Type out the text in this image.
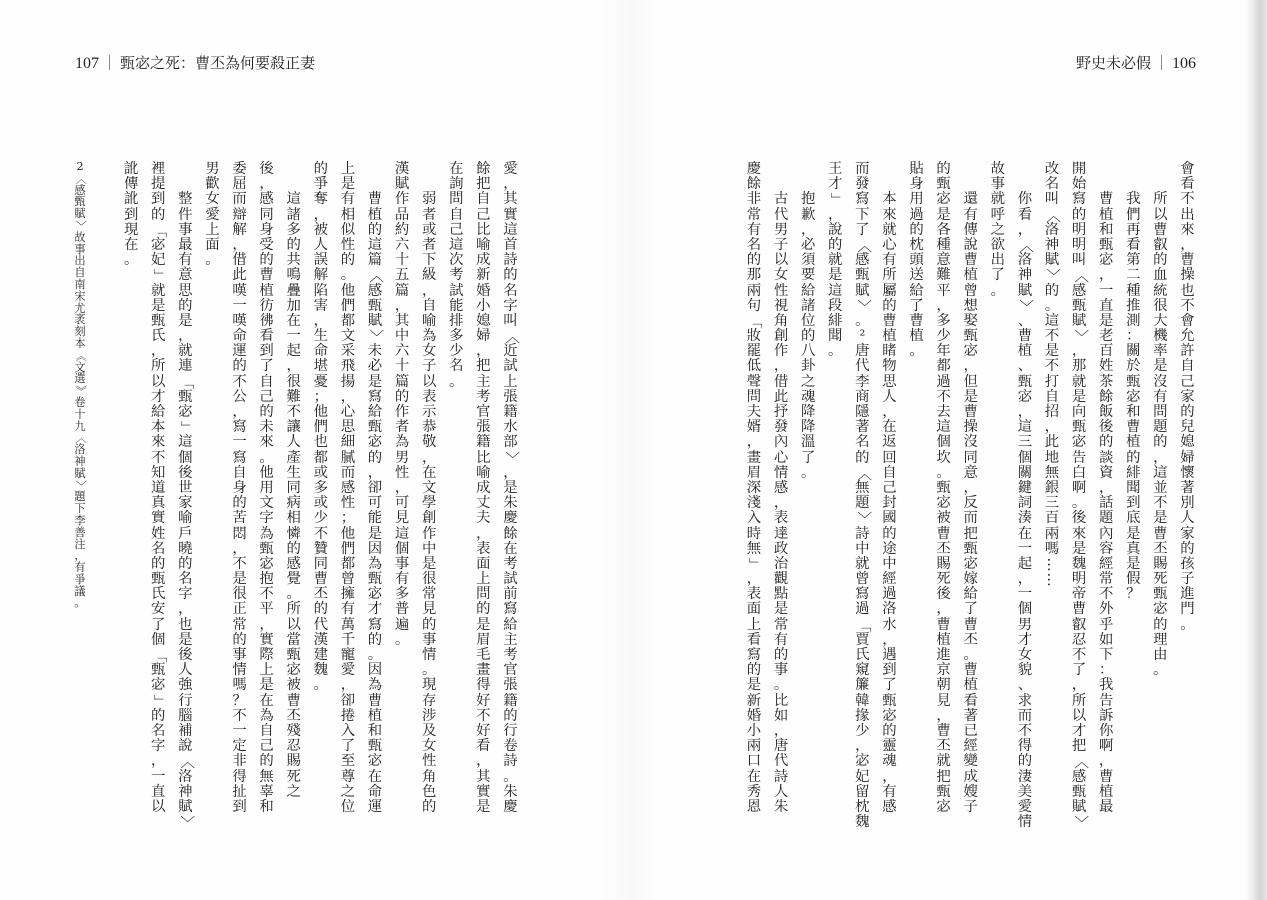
107 ｜ 甄宓之死：曹丕為何要殺正妻
愛
，
其
實
這
首
詩
的
名
字
叫
〈
近
試
上
張
籍
水
部
〉
，
是
朱
慶
餘
在
考
試
前
寫
給
主
考
官
張
籍
的
行
卷
詩
。
朱
慶
餘
把
自
己
比
喻
成
新
婚
小
媳
婦
，
把
主
考
官
張
籍
比
喻
成
丈
夫
，
表
面
上
問
的
是
眉
毛
畫
得
好
不
好
看
，
其
實
是
在
詢
問
自
己
這
次
考
試
能
排
多
少
名
。
弱
者
或
者
下
級
，
自
喻
為
女
子
以
表
示
恭
敬
，
在
文
學
創
作
中
是
很
常
見
的
事
情
。
現
存
涉
及
女
性
角
色
的
漢
賦
作
品
約
六
十
五
篇
，
其
中
六
十
篇
的
作
者
為
男
性
，
可
見
這
個
事
有
多
普
遍
。
曹
植
的
這
篇
〈
感
甄
賦
〉
未
必
是
寫
給
甄
宓
的
，
卻
可
能
是
因
為
甄
宓
才
寫
的
。
因
為
曹
植
和
甄
宓
在
命
運
上
是
有
相
似
性
的
。
他
們
都
文
采
飛
揚
，
心
思
細
膩
而
感
性
；
他
們
都
曾
擁
有
萬
千
寵
愛
，
卻
捲
入
了
至
尊
之
位
的
爭
奪
，
被
人
誤
解
陷
害
，
生
命
堪
憂
；
他
們
也
都
或
多
或
少
不
贊
同
曹
丕
的
代
漢
建
魏
。
這
諸
多
的
共
鳴
疊
加
在
一
起
，
很
難
不
讓
人
產
生
同
病
相
憐
的
感
覺
。
所
以
當
甄
宓
被
曹
丕
殘
忍
賜
死
之
後
，
感
同
身
受
的
曹
植
彷
彿
看
到
了
自
己
的
未
來
。
他
用
文
字
為
甄
宓
抱
不
平
，
實
際
上
是
在
為
自
己
的
無
辜
和
委
屈
而
辯
解
，
借
此
嘆
一
嘆
命
運
的
不
公
，
寫
一
寫
自
身
的
苦
悶
，
不
是
很
正
常
的
事
情
嗎
？
不
一
定
非
得
扯
到
男
歡
女
愛
上
面
。
整
件
事
最
有
意
思
的
是
，
就
連
「
甄
宓
」
這
個
後
世
家
喻
戶
曉
的
名
字
，
也
是
後
人
強
行
腦
補
說
〈
洛
神
賦
〉
裡
提
到
的
「
宓
妃
」
就
是
甄
氏
，
所
以
才
給
本
來
不
知
道
真
實
姓
名
的
甄
氏
安
了
個
「
甄
宓
」
的
名
字
，
一
直
以
訛
傳
訛
到
現
在
。
2
〈
感
甄
賦
〉
故
事
出
自
南
宋
尤
袤
刻
本
《
文
選
》
卷
十
九
〈
洛
神
賦
〉
題
下
李
善
注
，
有
爭
議
。
野史未必假 ｜ 106
會
看
不
出
來
，
曹
操
也
不
會
允
許
自
己
家
的
兒
媳
婦
懷
著
別
人
家
的
孩
子
進
門
。
所
以
曹
叡
的
血
統
很
大
機
率
是
沒
有
問
題
的
，
這
並
不
是
曹
丕
賜
死
甄
宓
的
理
由
。
我
們
再
看
第
二
種
推
測
：
關
於
甄
宓
和
曹
植
的
緋
聞
到
底
是
真
是
假
？
曹
植
和
甄
宓
，
一
直
是
老
百
姓
茶
餘
飯
後
的
談
資
，
話
題
內
容
經
常
不
外
乎
如
下
：
我
告
訴
你
啊
，
曹
植
最
開
始
寫
的
明
明
叫
〈
感
甄
賦
〉
，
那
就
是
向
甄
宓
告
白
啊
。
後
來
是
魏
明
帝
曹
叡
忍
不
了
，
所
以
才
把
〈
感
甄
賦
〉
改
名
叫
〈
洛
神
賦
〉
的
。
這
不
是
不
打
自
招
，
此
地
無
銀
三
百
兩
嗎
…
…
你
看
，
〈
洛
神
賦
〉
、
曹
植
、
甄
宓
，
這
三
個
關
鍵
詞
湊
在
一
起
，
一
個
男
才
女
貌
、
求
而
不
得
的
淒
美
愛
情
故
事
就
呼
之
欲
出
了
。
還
有
傳
說
曹
植
曾
想
娶
甄
宓
，
但
是
曹
操
沒
同
意
，
反
而
把
甄
宓
嫁
給
了
曹
丕
。
曹
植
看
著
已
經
變
成
嫂
子
的
甄
宓
是
各
種
意
難
平
，
多
少
年
都
過
不
去
這
個
坎
。
甄
宓
被
曹
丕
賜
死
後
，
曹
植
進
京
朝
見
，
曹
丕
就
把
甄
宓
貼
身
用
過
的
枕
頭
送
給
了
曹
植
。
本
來
就
心
有
所
屬
的
曹
植
睹
物
思
人
，
在
返
回
自
己
封
國
的
途
中
經
過
洛
水
，
遇
到
了
甄
宓
的
靈
魂
，
有
感
而
發
寫
下
了
〈
感
甄
賦
〉
。
²
唐
代
李
商
隱
著
名
的
〈
無
題
〉
詩
中
就
曾
寫
過
「
賈
氏
窺
簾
韓
掾
少
，
宓
妃
留
枕
魏
王
才
」
，
說
的
就
是
這
段
緋
聞
。
抱
歉
，
必
須
要
給
諸
位
的
八
卦
之
魂
降
降
溫
了
。
古
代
男
子
以
女
性
視
角
創
作
，
借
此
抒
發
內
心
情
感
，
表
達
政
治
觀
點
是
常
有
的
事
。
比
如
，
唐
代
詩
人
朱
慶
餘
非
常
有
名
的
那
兩
句
「
妝
罷
低
聲
問
夫
婿
，
畫
眉
深
淺
入
時
無
」
，
表
面
上
看
寫
的
是
新
婚
小
兩
口
在
秀
恩
